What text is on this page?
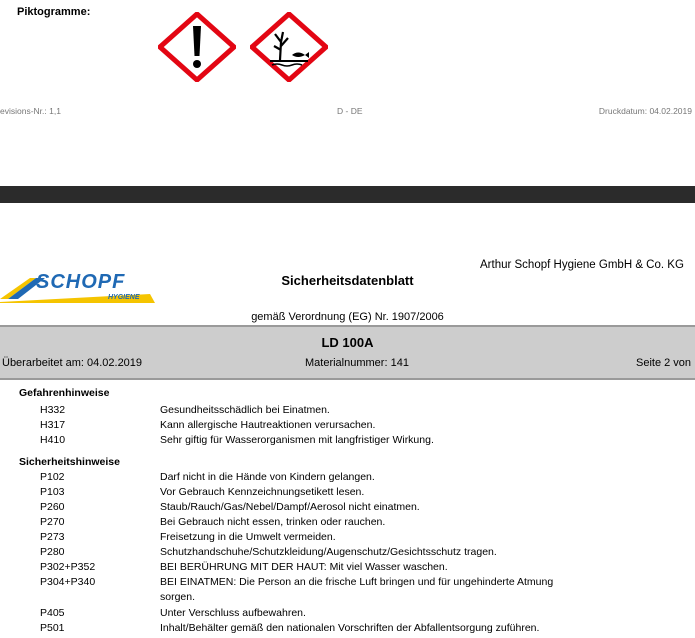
Piktogramme:
evisions-Nr.: 1,1	D - DE	Druckdatum: 04.02.2019
SCHOPF
HYGIENE
Arthur Schopf Hygiene GmbH & Co. KG
Sicherheitsdatenblatt
gemäß Verordnung (EG) Nr. 1907/2006
LD 100A
Überarbeitet am: 04.02.2019	Materialnummer: 141	Seite 2 von
Gefahrenhinweise
H332	Gesundheitsschädlich bei Einatmen.
H317	Kann allergische Hautreaktionen verursachen.
H410	Sehr giftig für Wasserorganismen mit langfristiger Wirkung.
Sicherheitshinweise
P102	Darf nicht in die Hände von Kindern gelangen.
P103	Vor Gebrauch Kennzeichnungsetikett lesen.
P260	Staub/Rauch/Gas/Nebel/Dampf/Aerosol nicht einatmen.
P270	Bei Gebrauch nicht essen, trinken oder rauchen.
P273	Freisetzung in die Umwelt vermeiden.
P280	Schutzhandschuhe/Schutzkleidung/Augenschutz/Gesichtsschutz tragen.
P302+P352	BEI BERÜHRUNG MIT DER HAUT: Mit viel Wasser waschen.
P304+P340	BEI EINATMEN: Die Person an die frische Luft bringen und für ungehinderte Atmung
sorgen.
P405	Unter Verschluss aufbewahren.
P501	Inhalt/Behälter gemäß den nationalen Vorschriften der Abfallentsorgung zuführen.
